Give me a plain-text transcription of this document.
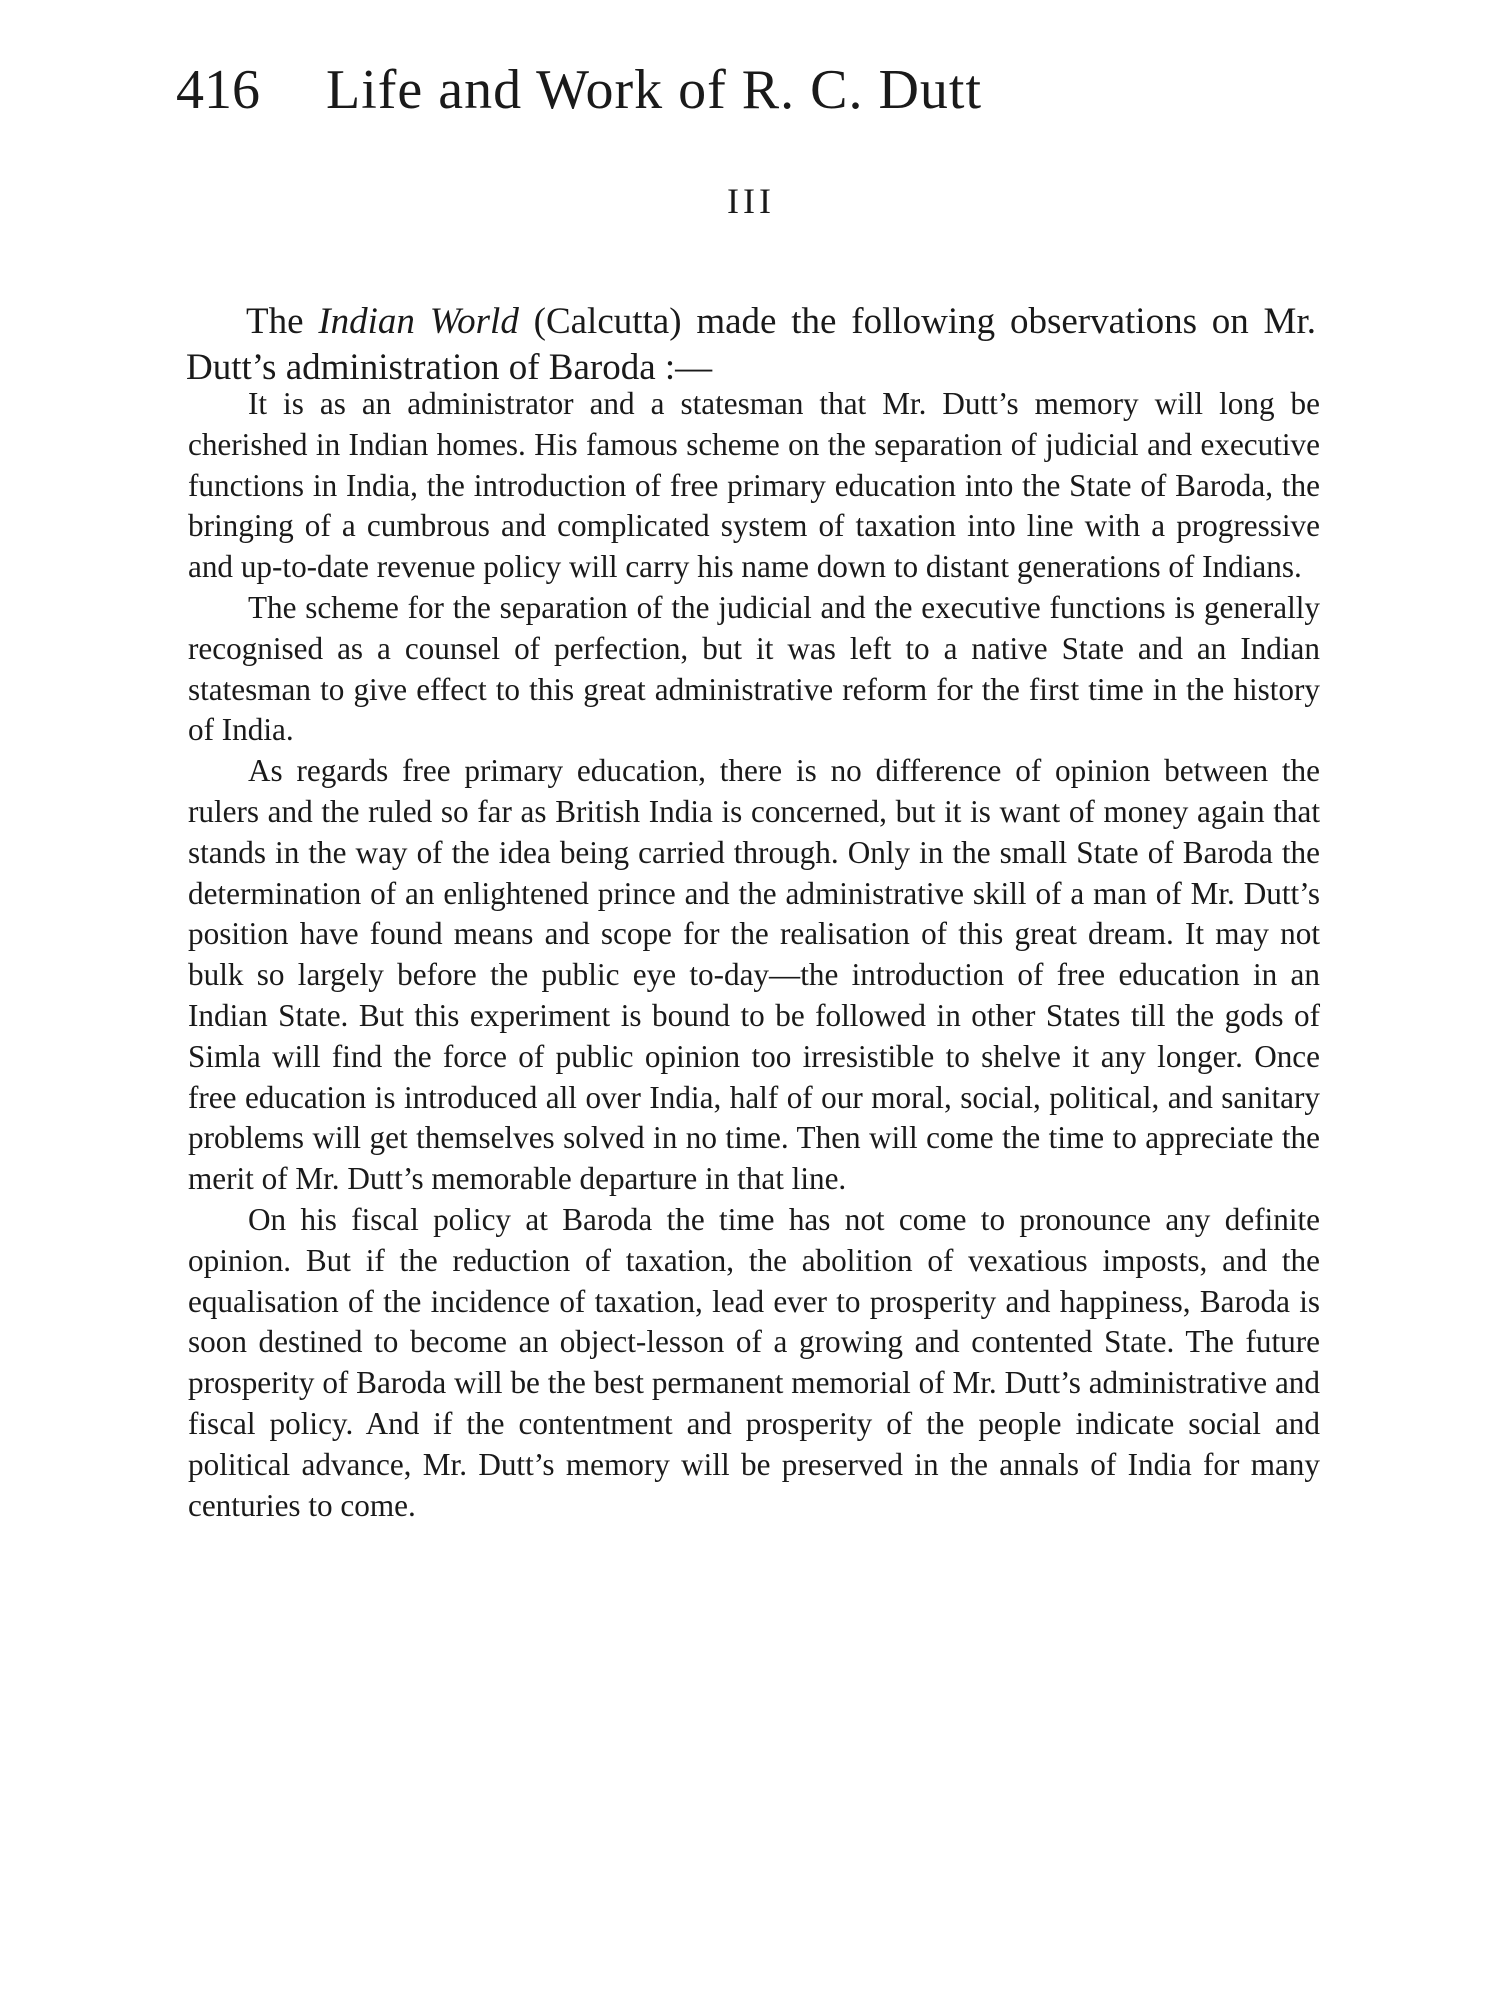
416 Life and Work of R. C. Dutt
III

The Indian World (Calcutta) made the following observations on Mr. Dutt’s administration of Baroda :—

It is as an administrator and a statesman that Mr. Dutt’s memory will long be cherished in Indian homes. His famous scheme on the separation of judicial and executive functions in India, the introduction of free primary education into the State of Baroda, the bringing of a cumbrous and complicated system of taxation into line with a progressive and up-to-date revenue policy will carry his name down to distant generations of Indians.

The scheme for the separation of the judicial and the executive functions is generally recognised as a counsel of perfection, but it was left to a native State and an Indian statesman to give effect to this great administrative reform for the first time in the history of India.

As regards free primary education, there is no difference of opinion between the rulers and the ruled so far as British India is concerned, but it is want of money again that stands in the way of the idea being carried through. Only in the small State of Baroda the determination of an enlightened prince and the administrative skill of a man of Mr. Dutt’s position have found means and scope for the realisation of this great dream. It may not bulk so largely before the public eye to-day—the introduction of free education in an Indian State. But this experiment is bound to be followed in other States till the gods of Simla will find the force of public opinion too irresistible to shelve it any longer. Once free education is introduced all over India, half of our moral, social, political, and sanitary problems will get themselves solved in no time. Then will come the time to appreciate the merit of Mr. Dutt’s memorable departure in that line.

On his fiscal policy at Baroda the time has not come to pronounce any definite opinion. But if the reduction of taxation, the abolition of vexatious imposts, and the equalisation of the incidence of taxation, lead ever to prosperity and happiness, Baroda is soon destined to become an object-lesson of a growing and contented State. The future prosperity of Baroda will be the best permanent memorial of Mr. Dutt’s administrative and fiscal policy. And if the contentment and prosperity of the people indicate social and political advance, Mr. Dutt’s memory will be preserved in the annals of India for many centuries to come.
